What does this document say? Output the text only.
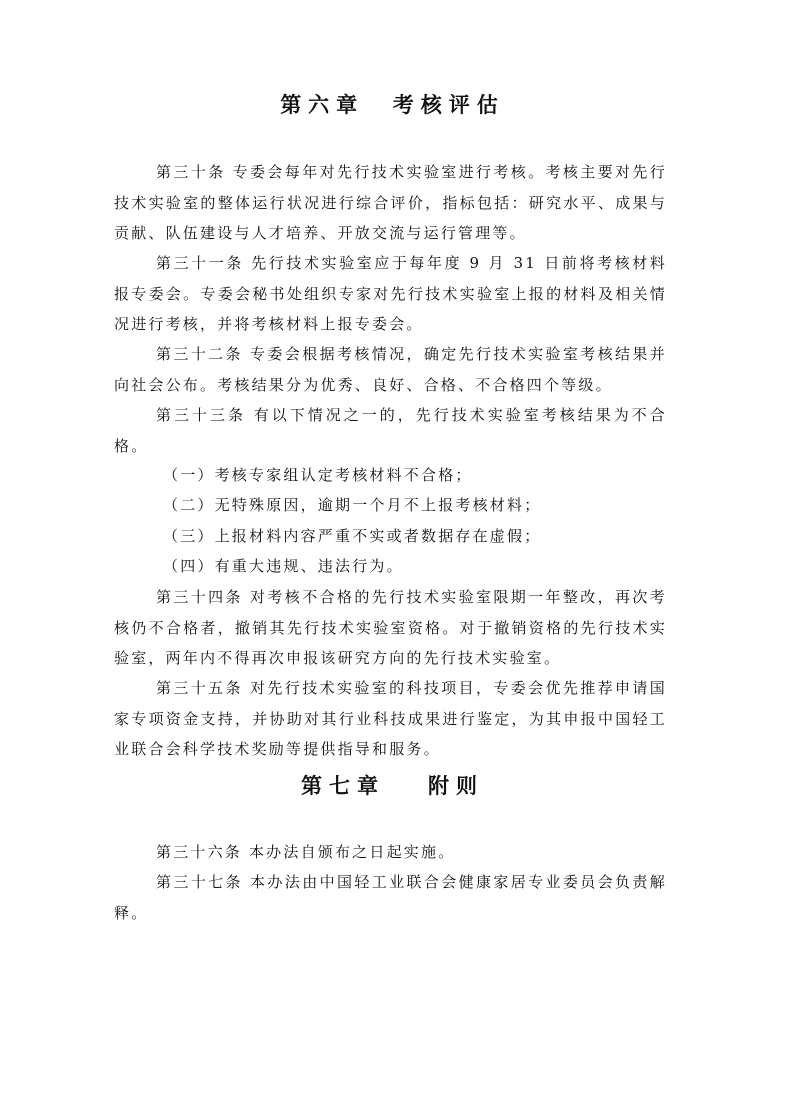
第六章  考核评估
第三十条 专委会每年对先行技术实验室进行考核。考核主要对先行技术实验室的整体运行状况进行综合评价，指标包括：研究水平、成果与贡献、队伍建设与人才培养、开放交流与运行管理等。
第三十一条 先行技术实验室应于每年度 9 月 31 日前将考核材料报专委会。专委会秘书处组织专家对先行技术实验室上报的材料及相关情况进行考核，并将考核材料上报专委会。
第三十二条 专委会根据考核情况，确定先行技术实验室考核结果并向社会公布。考核结果分为优秀、良好、合格、不合格四个等级。
第三十三条 有以下情况之一的，先行技术实验室考核结果为不合格。
（一）考核专家组认定考核材料不合格；
（二）无特殊原因，逾期一个月不上报考核材料；
（三）上报材料内容严重不实或者数据存在虚假；
（四）有重大违规、违法行为。
第三十四条 对考核不合格的先行技术实验室限期一年整改，再次考核仍不合格者，撤销其先行技术实验室资格。对于撤销资格的先行技术实验室，两年内不得再次申报该研究方向的先行技术实验室。
第三十五条 对先行技术实验室的科技项目，专委会优先推荐申请国家专项资金支持，并协助对其行业科技成果进行鉴定，为其申报中国轻工业联合会科学技术奖励等提供指导和服务。
第七章   附则
第三十六条 本办法自颁布之日起实施。
第三十七条 本办法由中国轻工业联合会健康家居专业委员会负责解释。
